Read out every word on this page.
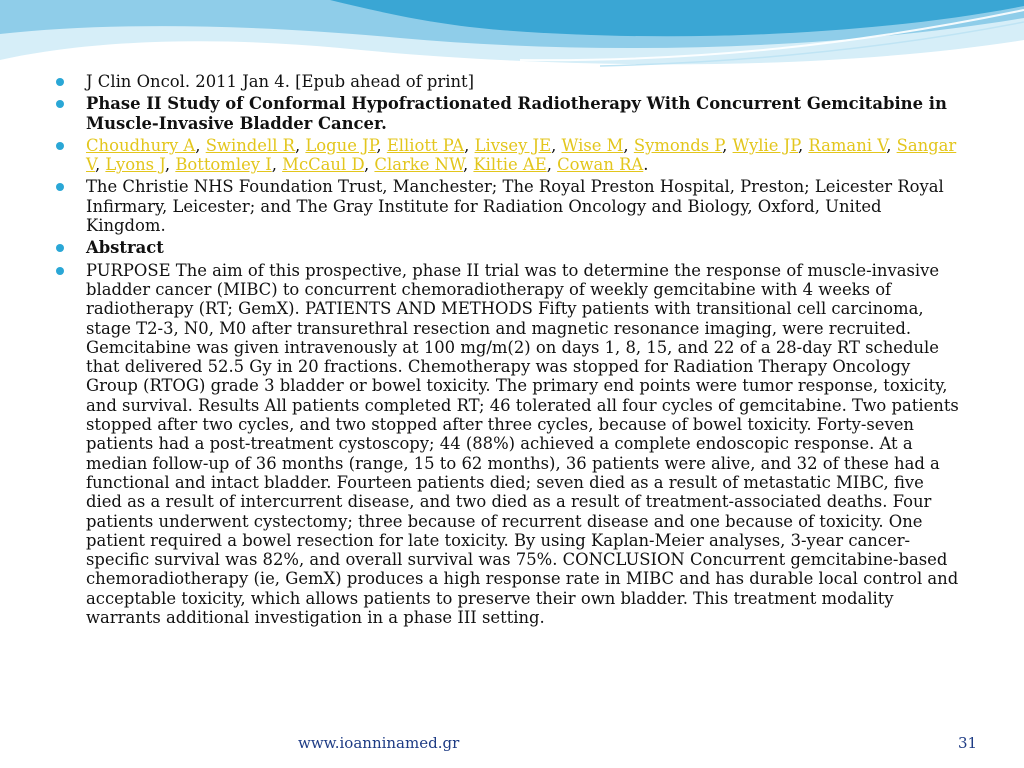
J Clin Oncol. 2011 Jan 4. [Epub ahead of print]
Phase II Study of Conformal Hypofractionated Radiotherapy With Concurrent Gemcitabine in Muscle-Invasive Bladder Cancer.
Choudhury A, Swindell R, Logue JP, Elliott PA, Livsey JE, Wise M, Symonds P, Wylie JP, Ramani V, Sangar V, Lyons J, Bottomley I, McCaul D, Clarke NW, Kiltie AE, Cowan RA.
The Christie NHS Foundation Trust, Manchester; The Royal Preston Hospital, Preston; Leicester Royal Infirmary, Leicester; and The Gray Institute for Radiation Oncology and Biology, Oxford, United Kingdom.
Abstract
PURPOSE The aim of this prospective, phase II trial was to determine the response of muscle-invasive bladder cancer (MIBC) to concurrent chemoradiotherapy of weekly gemcitabine with 4 weeks of radiotherapy (RT; GemX). PATIENTS AND METHODS Fifty patients with transitional cell carcinoma, stage T2-3, N0, M0 after transurethral resection and magnetic resonance imaging, were recruited. Gemcitabine was given intravenously at 100 mg/m(2) on days 1, 8, 15, and 22 of a 28-day RT schedule that delivered 52.5 Gy in 20 fractions. Chemotherapy was stopped for Radiation Therapy Oncology Group (RTOG) grade 3 bladder or bowel toxicity. The primary end points were tumor response, toxicity, and survival. Results All patients completed RT; 46 tolerated all four cycles of gemcitabine. Two patients stopped after two cycles, and two stopped after three cycles, because of bowel toxicity. Forty-seven patients had a post-treatment cystoscopy; 44 (88%) achieved a complete endoscopic response. At a median follow-up of 36 months (range, 15 to 62 months), 36 patients were alive, and 32 of these had a functional and intact bladder. Fourteen patients died; seven died as a result of metastatic MIBC, five died as a result of intercurrent disease, and two died as a result of treatment-associated deaths. Four patients underwent cystectomy; three because of recurrent disease and one because of toxicity. One patient required a bowel resection for late toxicity. By using Kaplan-Meier analyses, 3-year cancer-specific survival was 82%, and overall survival was 75%. CONCLUSION Concurrent gemcitabine-based chemoradiotherapy (ie, GemX) produces a high response rate in MIBC and has durable local control and acceptable toxicity, which allows patients to preserve their own bladder. This treatment modality warrants additional investigation in a phase III setting.
www.ioanninamed.gr	31
